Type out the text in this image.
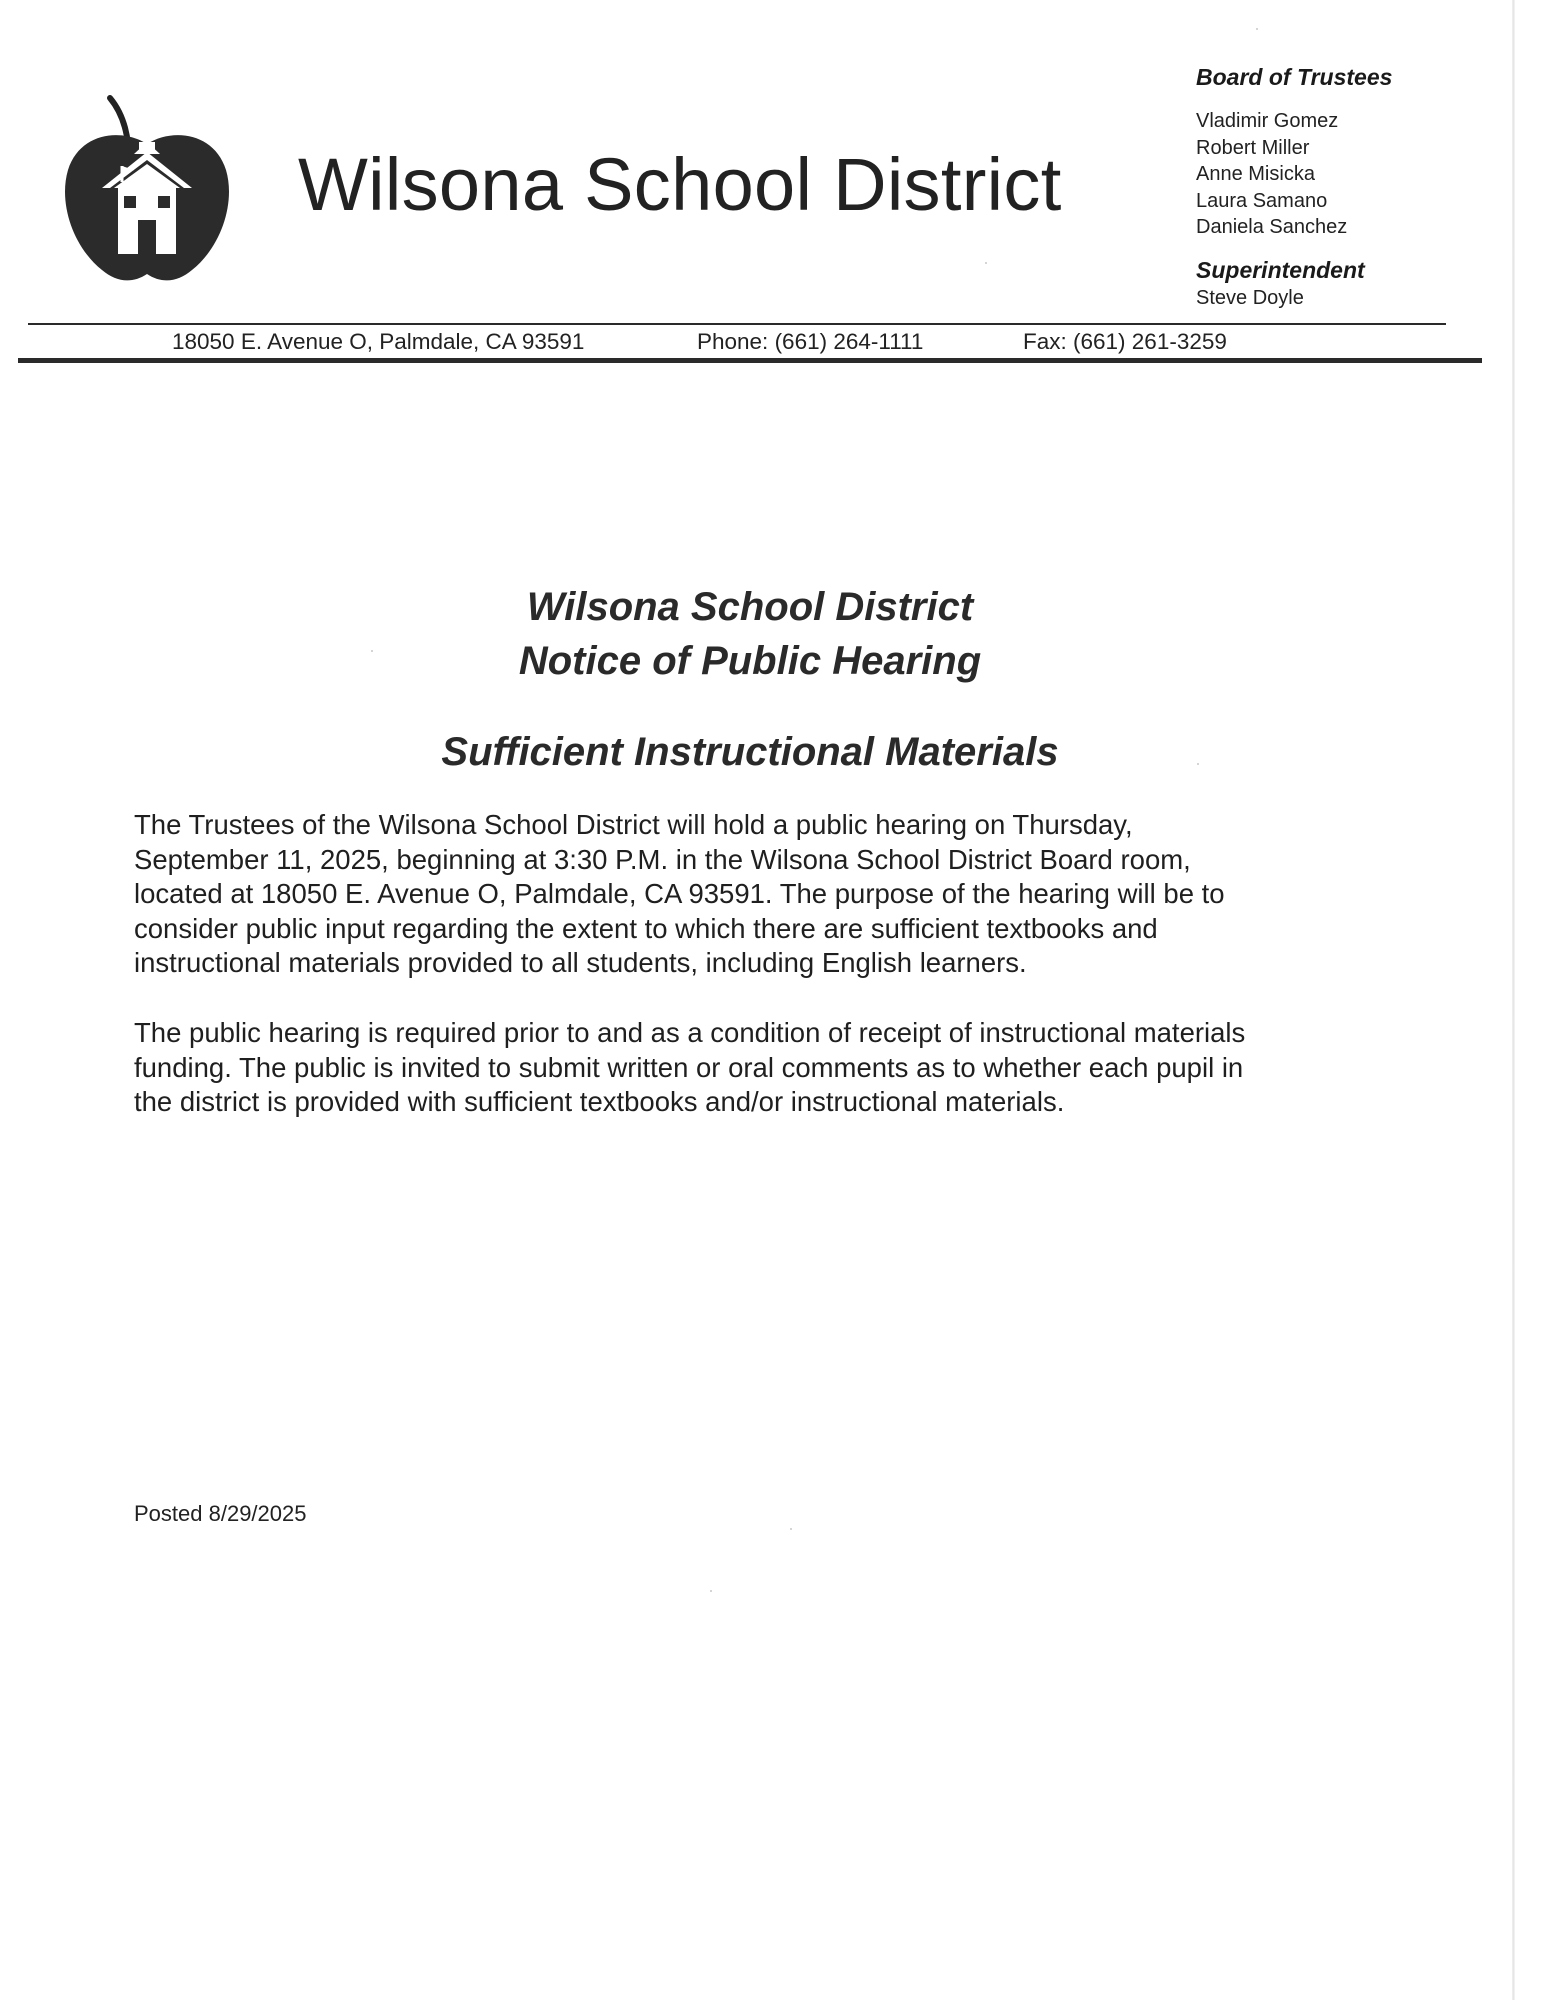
Wilsona School District
Board of Trustees
Vladimir Gomez
Robert Miller
Anne Misicka
Laura Samano
Daniela Sanchez
Superintendent
Steve Doyle
18050 E. Avenue O, Palmdale, CA 93591	Phone: (661) 264-1111	Fax: (661) 261-3259
Wilsona School District
Notice of Public Hearing
Sufficient Instructional Materials
The Trustees of the Wilsona School District will hold a public hearing on Thursday,
September 11, 2025, beginning at 3:30 P.M. in the Wilsona School District Board room,
located at 18050 E. Avenue O, Palmdale, CA 93591. The purpose of the hearing will be to
consider public input regarding the extent to which there are sufficient textbooks and
instructional materials provided to all students, including English learners.
The public hearing is required prior to and as a condition of receipt of instructional materials
funding. The public is invited to submit written or oral comments as to whether each pupil in
the district is provided with sufficient textbooks and/or instructional materials.
Posted 8/29/2025
